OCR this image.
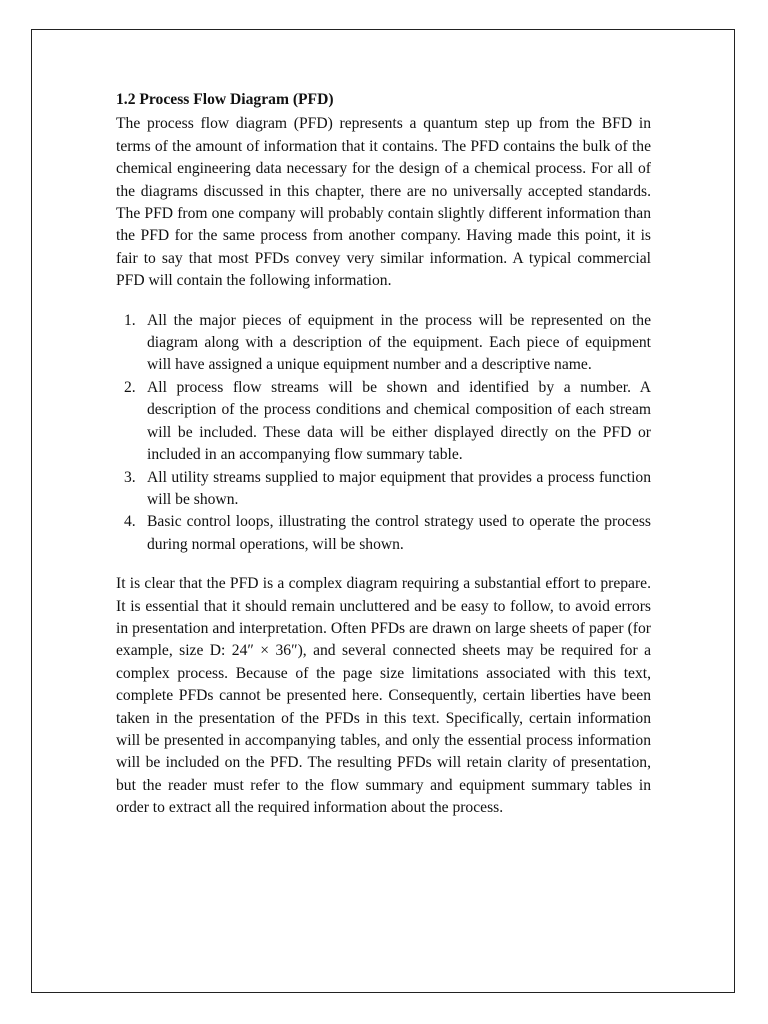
1.2 Process Flow Diagram (PFD)

The process flow diagram (PFD) represents a quantum step up from the BFD in terms of the amount of information that it contains. The PFD contains the bulk of the chemical engineering data necessary for the design of a chemical process. For all of the diagrams discussed in this chapter, there are no universally accepted standards. The PFD from one company will probably contain slightly different information than the PFD for the same process from another company. Having made this point, it is fair to say that most PFDs convey very similar information. A typical commercial PFD will contain the following information.

1. All the major pieces of equipment in the process will be represented on the diagram along with a description of the equipment. Each piece of equipment will have assigned a unique equipment number and a descriptive name.
2. All process flow streams will be shown and identified by a number. A description of the process conditions and chemical composition of each stream will be included. These data will be either displayed directly on the PFD or included in an accompanying flow summary table.
3. All utility streams supplied to major equipment that provides a process function will be shown.
4. Basic control loops, illustrating the control strategy used to operate the process during normal operations, will be shown.

It is clear that the PFD is a complex diagram requiring a substantial effort to prepare. It is essential that it should remain uncluttered and be easy to follow, to avoid errors in presentation and interpretation. Often PFDs are drawn on large sheets of paper (for example, size D: 24″ × 36″), and several connected sheets may be required for a complex process. Because of the page size limitations associated with this text, complete PFDs cannot be presented here. Consequently, certain liberties have been taken in the presentation of the PFDs in this text. Specifically, certain information will be presented in accompanying tables, and only the essential process information will be included on the PFD. The resulting PFDs will retain clarity of presentation, but the reader must refer to the flow summary and equipment summary tables in order to extract all the required information about the process.
